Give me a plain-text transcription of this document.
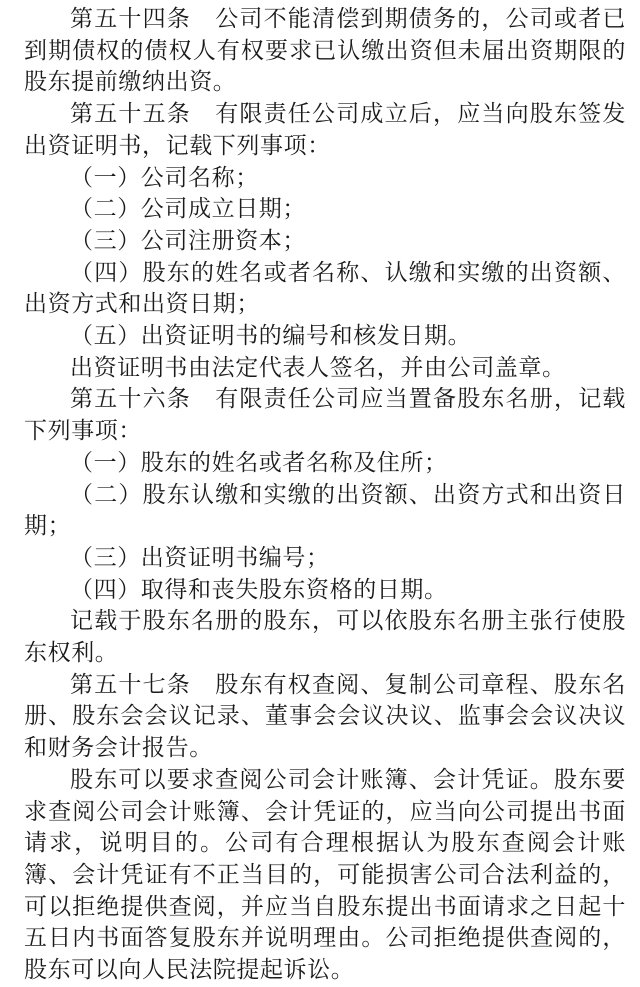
第五十四条　公司不能清偿到期债务的，公司或者已到期债权的债权人有权要求已认缴出资但未届出资期限的股东提前缴纳出资。

第五十五条　有限责任公司成立后，应当向股东签发出资证明书，记载下列事项：

（一）公司名称；

（二）公司成立日期；

（三）公司注册资本；

（四）股东的姓名或者名称、认缴和实缴的出资额、出资方式和出资日期；

（五）出资证明书的编号和核发日期。

出资证明书由法定代表人签名，并由公司盖章。

第五十六条　有限责任公司应当置备股东名册，记载下列事项：

（一）股东的姓名或者名称及住所；

（二）股东认缴和实缴的出资额、出资方式和出资日期；

（三）出资证明书编号；

（四）取得和丧失股东资格的日期。

记载于股东名册的股东，可以依股东名册主张行使股东权利。

第五十七条　股东有权查阅、复制公司章程、股东名册、股东会会议记录、董事会会议决议、监事会会议决议和财务会计报告。

股东可以要求查阅公司会计账簿、会计凭证。股东要求查阅公司会计账簿、会计凭证的，应当向公司提出书面请求，说明目的。公司有合理根据认为股东查阅会计账簿、会计凭证有不正当目的，可能损害公司合法利益的，可以拒绝提供查阅，并应当自股东提出书面请求之日起十五日内书面答复股东并说明理由。公司拒绝提供查阅的，股东可以向人民法院提起诉讼。
